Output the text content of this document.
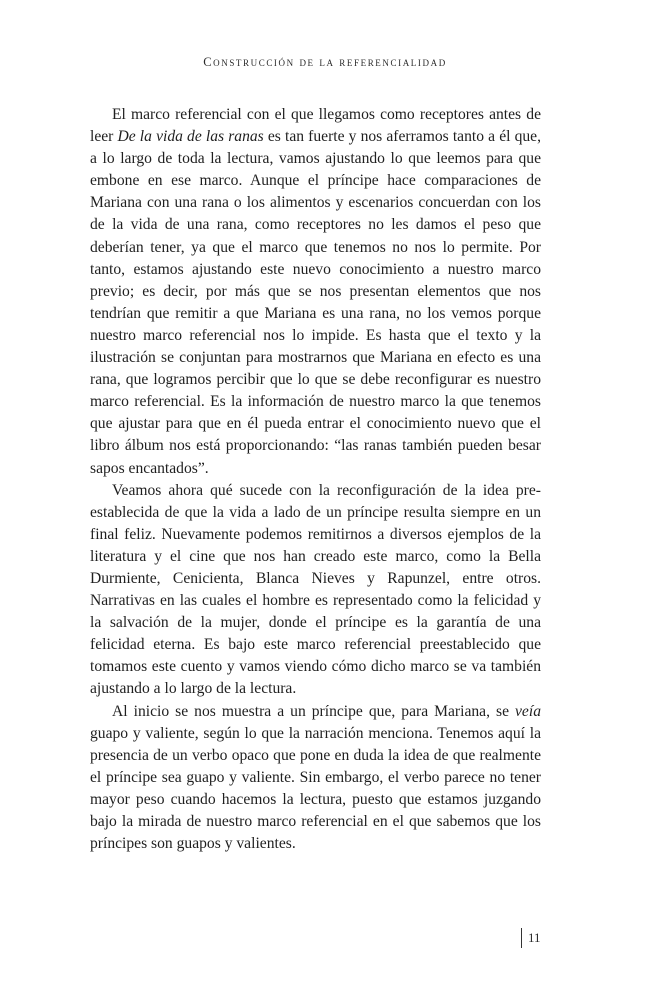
Construcción de la referencialidad

El marco referencial con el que llegamos como receptores antes de leer De la vida de las ranas es tan fuerte y nos aferramos tanto a él que, a lo largo de toda la lectura, vamos ajustando lo que leemos para que embone en ese marco. Aunque el príncipe hace comparaciones de Mariana con una rana o los alimentos y escenarios concuerdan con los de la vida de una rana, como receptores no les damos el peso que deberían tener, ya que el marco que tenemos no nos lo permite. Por tanto, estamos ajustando este nuevo conocimiento a nuestro marco previo; es decir, por más que se nos presentan elementos que nos tendrían que remitir a que Mariana es una rana, no los vemos porque nuestro marco referencial nos lo impide. Es hasta que el texto y la ilustración se conjuntan para mostrarnos que Mariana en efecto es una rana, que logramos percibir que lo que se debe reconfigurar es nuestro marco referencial. Es la información de nuestro marco la que tenemos que ajustar para que en él pueda entrar el conocimiento nuevo que el libro álbum nos está proporcionando: “las ranas también pueden besar sapos encantados”.

Veamos ahora qué sucede con la reconfiguración de la idea preestablecida de que la vida a lado de un príncipe resulta siempre en un final feliz. Nuevamente podemos remitirnos a diversos ejemplos de la literatura y el cine que nos han creado este marco, como la Bella Durmiente, Cenicienta, Blanca Nieves y Rapunzel, entre otros. Narrativas en las cuales el hombre es representado como la felicidad y la salvación de la mujer, donde el príncipe es la garantía de una felicidad eterna. Es bajo este marco referencial preestablecido que tomamos este cuento y vamos viendo cómo dicho marco se va también ajustando a lo largo de la lectura.

Al inicio se nos muestra a un príncipe que, para Mariana, se veía guapo y valiente, según lo que la narración menciona. Tenemos aquí la presencia de un verbo opaco que pone en duda la idea de que realmente el príncipe sea guapo y valiente. Sin embargo, el verbo parece no tener mayor peso cuando hacemos la lectura, puesto que estamos juzgando bajo la mirada de nuestro marco referencial en el que sabemos que los príncipes son guapos y valientes.

11
